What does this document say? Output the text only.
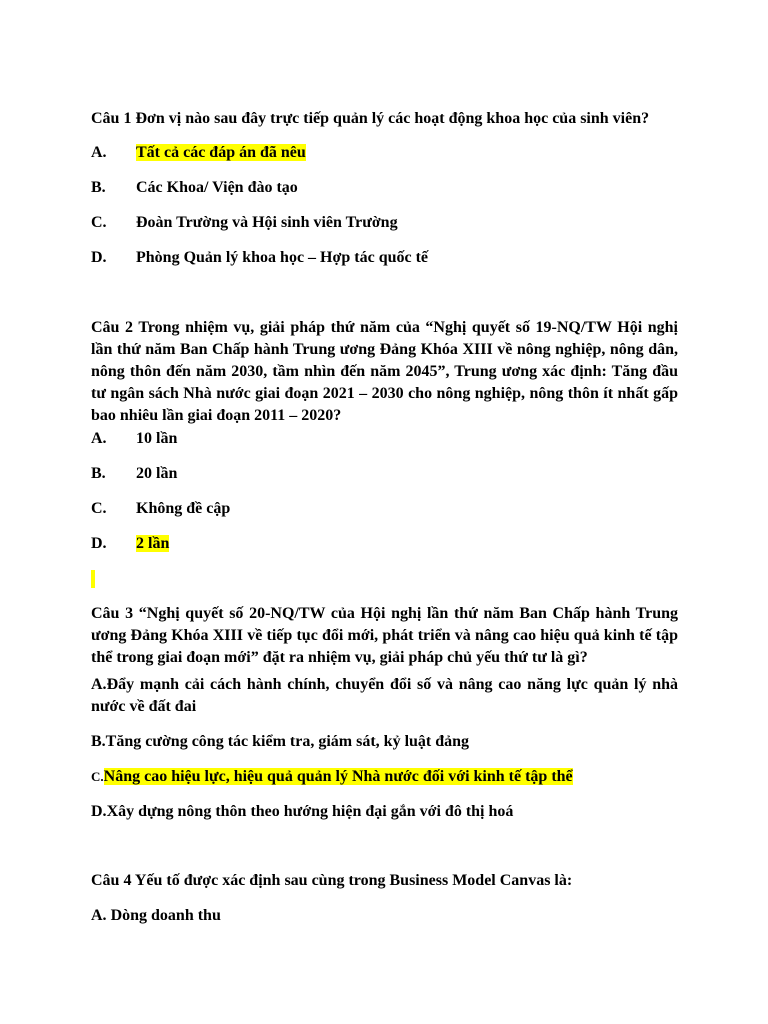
Câu 1 Đơn vị nào sau đây trực tiếp quản lý các hoạt động khoa học của sinh viên?
A. Tất cả các đáp án đã nêu
B. Các Khoa/ Viện đào tạo
C. Đoàn Trường và Hội sinh viên Trường
D. Phòng Quản lý khoa học – Hợp tác quốc tế
Câu 2 Trong nhiệm vụ, giải pháp thứ năm của “Nghị quyết số 19-NQ/TW Hội nghị lần thứ năm Ban Chấp hành Trung ương Đảng Khóa XIII về nông nghiệp, nông dân, nông thôn đến năm 2030, tầm nhìn đến năm 2045”, Trung ương xác định: Tăng đầu tư ngân sách Nhà nước giai đoạn 2021 – 2030 cho nông nghiệp, nông thôn ít nhất gấp bao nhiêu lần giai đoạn 2011 – 2020?
A. 10 lần
B. 20 lần
C. Không đề cập
D. 2 lần
Câu 3 “Nghị quyết số 20-NQ/TW của Hội nghị lần thứ năm Ban Chấp hành Trung ương Đảng Khóa XIII về tiếp tục đổi mới, phát triển và nâng cao hiệu quả kinh tế tập thể trong giai đoạn mới” đặt ra nhiệm vụ, giải pháp chủ yếu thứ tư là gì?
A.Đẩy mạnh cải cách hành chính, chuyển đổi số và nâng cao năng lực quản lý nhà nước về đất đai
B.Tăng cường công tác kiểm tra, giám sát, kỷ luật đảng
C.Nâng cao hiệu lực, hiệu quả quản lý Nhà nước đối với kinh tế tập thể
D.Xây dựng nông thôn theo hướng hiện đại gắn với đô thị hoá
Câu 4 Yếu tố được xác định sau cùng trong Business Model Canvas là:
A. Dòng doanh thu
